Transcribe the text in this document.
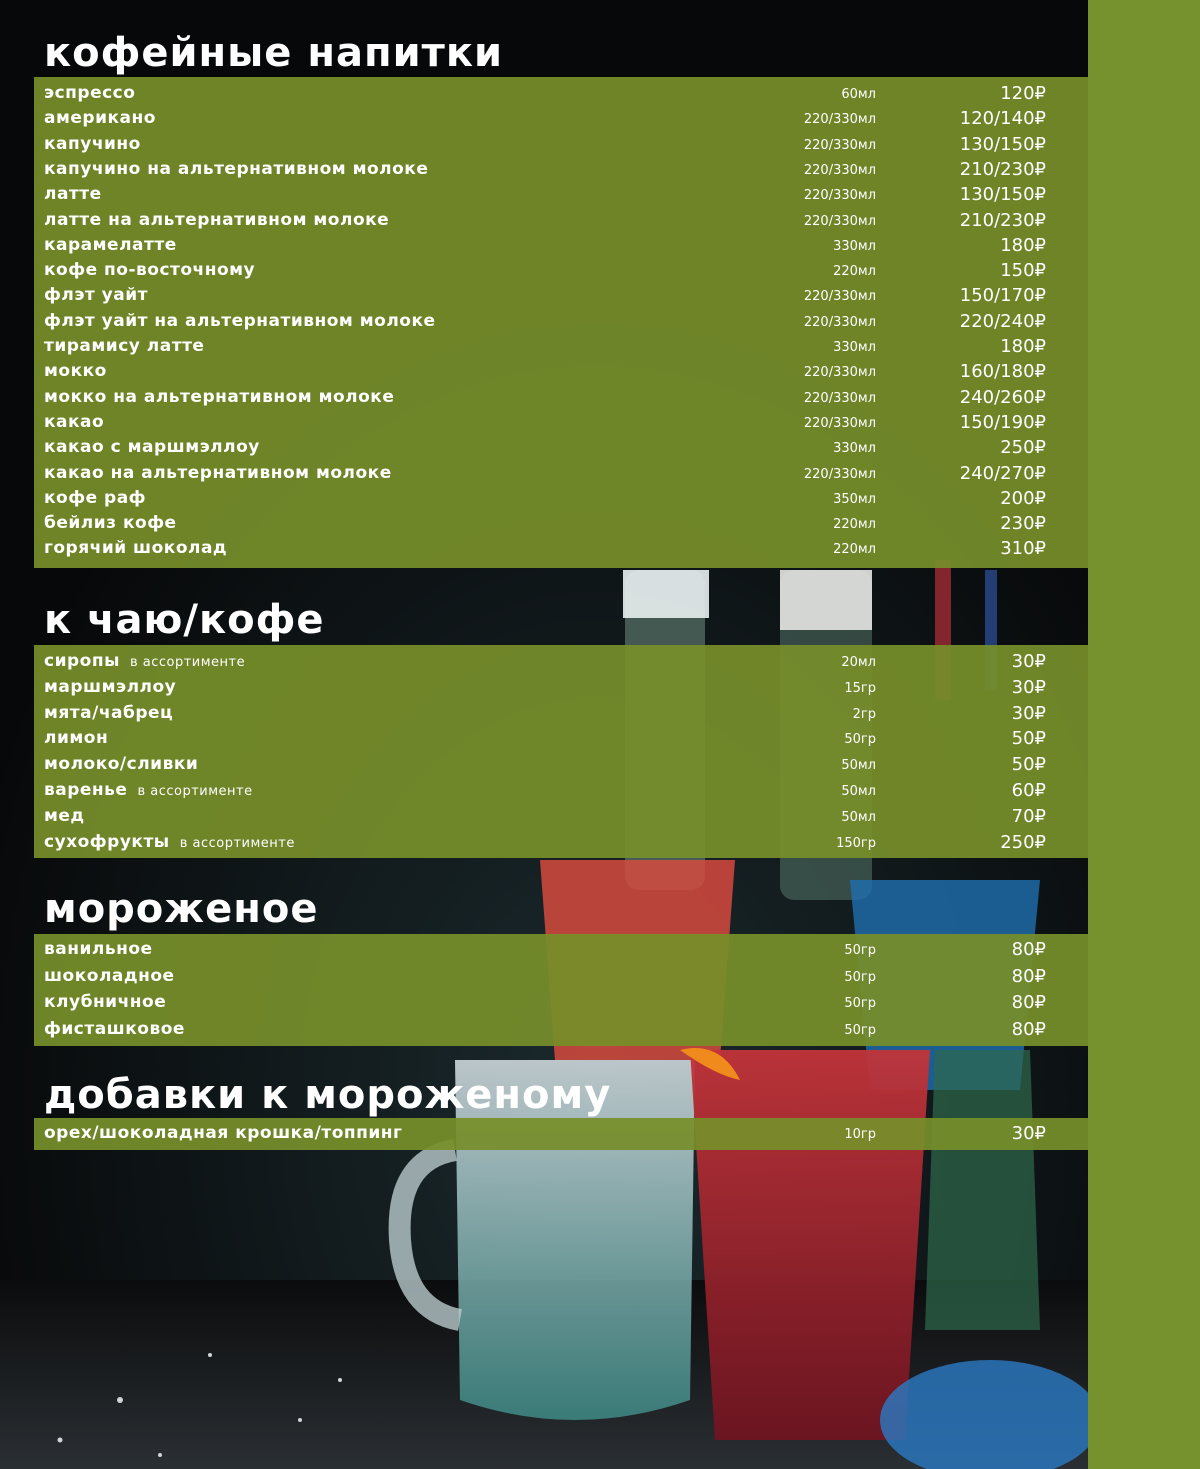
кофейные напитки
эспрессо	60мл	120₽
американо	220/330мл	120/140₽
капучино	220/330мл	130/150₽
капучино на альтернативном молоке	220/330мл	210/230₽
латте	220/330мл	130/150₽
латте на альтернативном молоке	220/330мл	210/230₽
карамелатте	330мл	180₽
кофе по-восточному	220мл	150₽
флэт уайт	220/330мл	150/170₽
флэт уайт на альтернативном молоке	220/330мл	220/240₽
тирамису латте	330мл	180₽
мокко	220/330мл	160/180₽
мокко на альтернативном молоке	220/330мл	240/260₽
какао	220/330мл	150/190₽
какао с маршмэллоу	330мл	250₽
какао на альтернативном молоке	220/330мл	240/270₽
кофе раф	350мл	200₽
бейлиз кофе	220мл	230₽
горячий шоколад	220мл	310₽
к чаю/кофе
сиропы в ассортименте	20мл	30₽
маршмэллоу	15гр	30₽
мята/чабрец	2гр	30₽
лимон	50гр	50₽
молоко/сливки	50мл	50₽
варенье в ассортименте	50мл	60₽
мед	50мл	70₽
сухофрукты в ассортименте	150гр	250₽
мороженое
ванильное	50гр	80₽
шоколадное	50гр	80₽
клубничное	50гр	80₽
фисташковое	50гр	80₽
добавки к мороженому
орех/шоколадная крошка/топпинг	10гр	30₽
